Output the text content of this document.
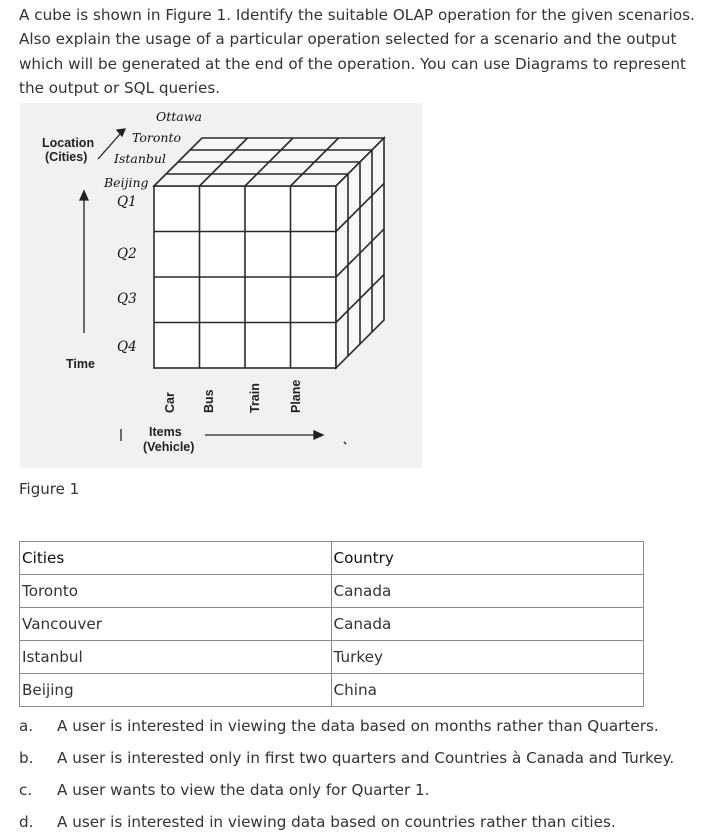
A cube is shown in Figure 1. Identify the suitable OLAP operation for the given scenarios. Also explain the usage of a particular operation selected for a scenario and the output which will be generated at the end of the operation. You can use Diagrams to represent the output or SQL queries.

Location
(Cities)
Time
Items
(Vehicle)
Ottawa
Toronto
Istanbul
Beijing
Q1
Q2
Q3
Q4
Car Bus	Train Plane
Figure 1
Cities	Country
Toronto	Canada
Vancouver	Canada
Istanbul	Turkey
Beijing	China
a.	A user is interested in viewing the data based on months rather than Quarters.
b.	A user is interested only in first two quarters and Countries à Canada and Turkey.
c.	A user wants to view the data only for Quarter 1.
d.	A user is interested in viewing data based on countries rather than cities.
